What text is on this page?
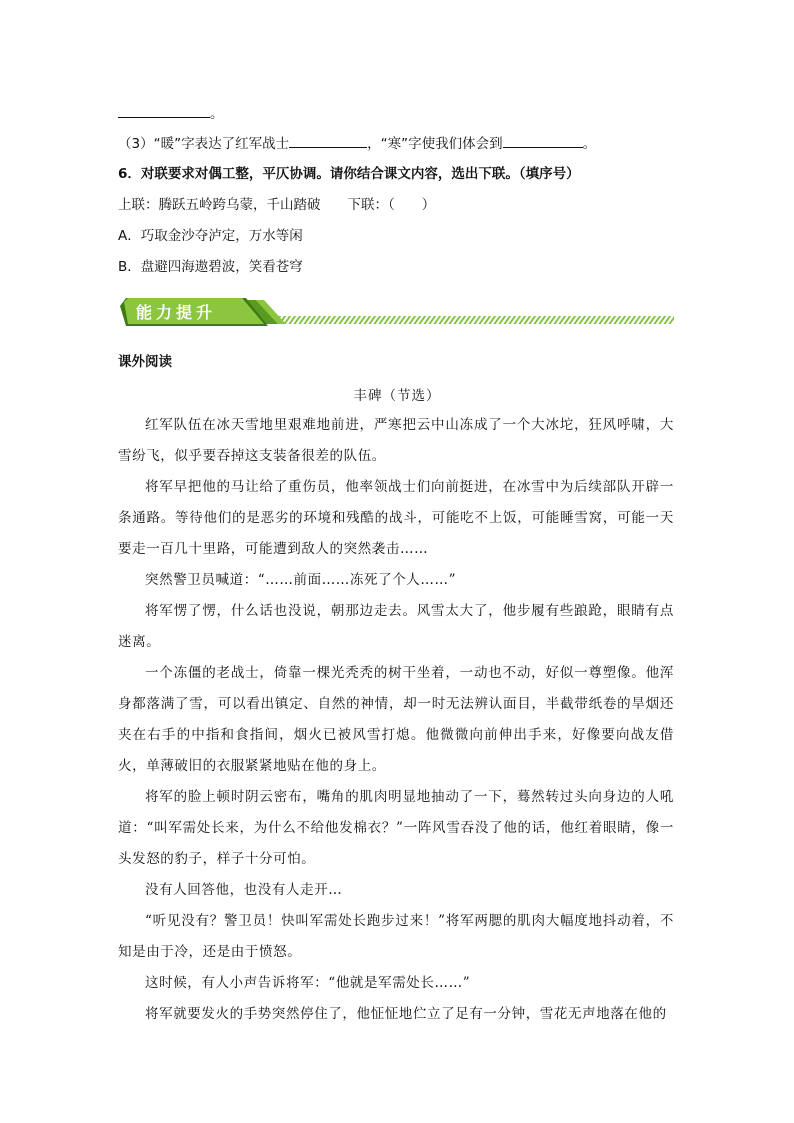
。
（3）“暖”字表达了红军战士	，“寒”字使我们体会到	。
6．对联要求对偶工整，平仄协调。请你结合课文内容，选出下联。（填序号）
上联：腾跃五岭跨乌蒙，千山踏破　　下联：（　　）
A．巧取金沙夺泸定，万水等闲
B．盘避四海遨碧波，笑看苍穹
能力提升
课外阅读
丰碑（节选）
红军队伍在冰天雪地里艰难地前进，严寒把云中山冻成了一个大冰坨，狂风呼啸，大雪纷飞，似乎要吞掉这支装备很差的队伍。
将军早把他的马让给了重伤员，他率领战士们向前挺进，在冰雪中为后续部队开辟一条通路。等待他们的是恶劣的环境和残酷的战斗，可能吃不上饭，可能睡雪窝，可能一天要走一百几十里路，可能遭到敌人的突然袭击……
突然警卫员喊道：“……前面……冻死了个人……”
将军愣了愣，什么话也没说，朝那边走去。风雪太大了，他步履有些踉跄，眼睛有点迷离。
一个冻僵的老战士，倚靠一棵光秃秃的树干坐着，一动也不动，好似一尊塑像。他浑身都落满了雪，可以看出镇定、自然的神情，却一时无法辨认面目，半截带纸卷的旱烟还夹在右手的中指和食指间，烟火已被风雪打熄。他微微向前伸出手来，好像要向战友借火，单薄破旧的衣服紧紧地贴在他的身上。
将军的脸上顿时阴云密布，嘴角的肌肉明显地抽动了一下，蓦然转过头向身边的人吼道：“叫军需处长来，为什么不给他发棉衣？”一阵风雪吞没了他的话，他红着眼睛，像一头发怒的豹子，样子十分可怕。
没有人回答他，也没有人走开…
“听见没有？警卫员！快叫军需处长跑步过来！”将军两腮的肌肉大幅度地抖动着，不知是由于冷，还是由于愤怒。
这时候，有人小声告诉将军：“他就是军需处长……”
将军就要发火的手势突然停住了，他怔怔地伫立了足有一分钟，雪花无声地落在他的
